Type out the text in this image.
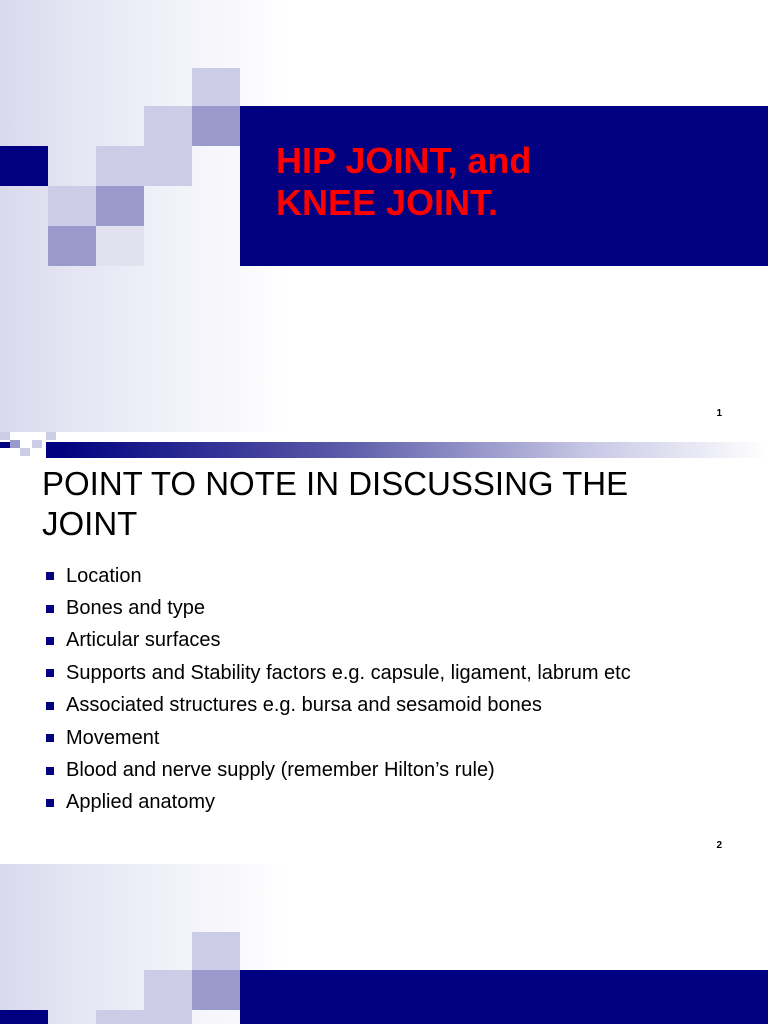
HIP JOINT, and
KNEE JOINT.
1
POINT TO NOTE IN DISCUSSING THE
JOINT
Location
Bones and type
Articular surfaces
Supports and Stability factors e.g. capsule, ligament, labrum etc
Associated structures e.g. bursa and sesamoid bones
Movement
Blood and nerve supply (remember Hilton’s rule)
Applied anatomy
2
